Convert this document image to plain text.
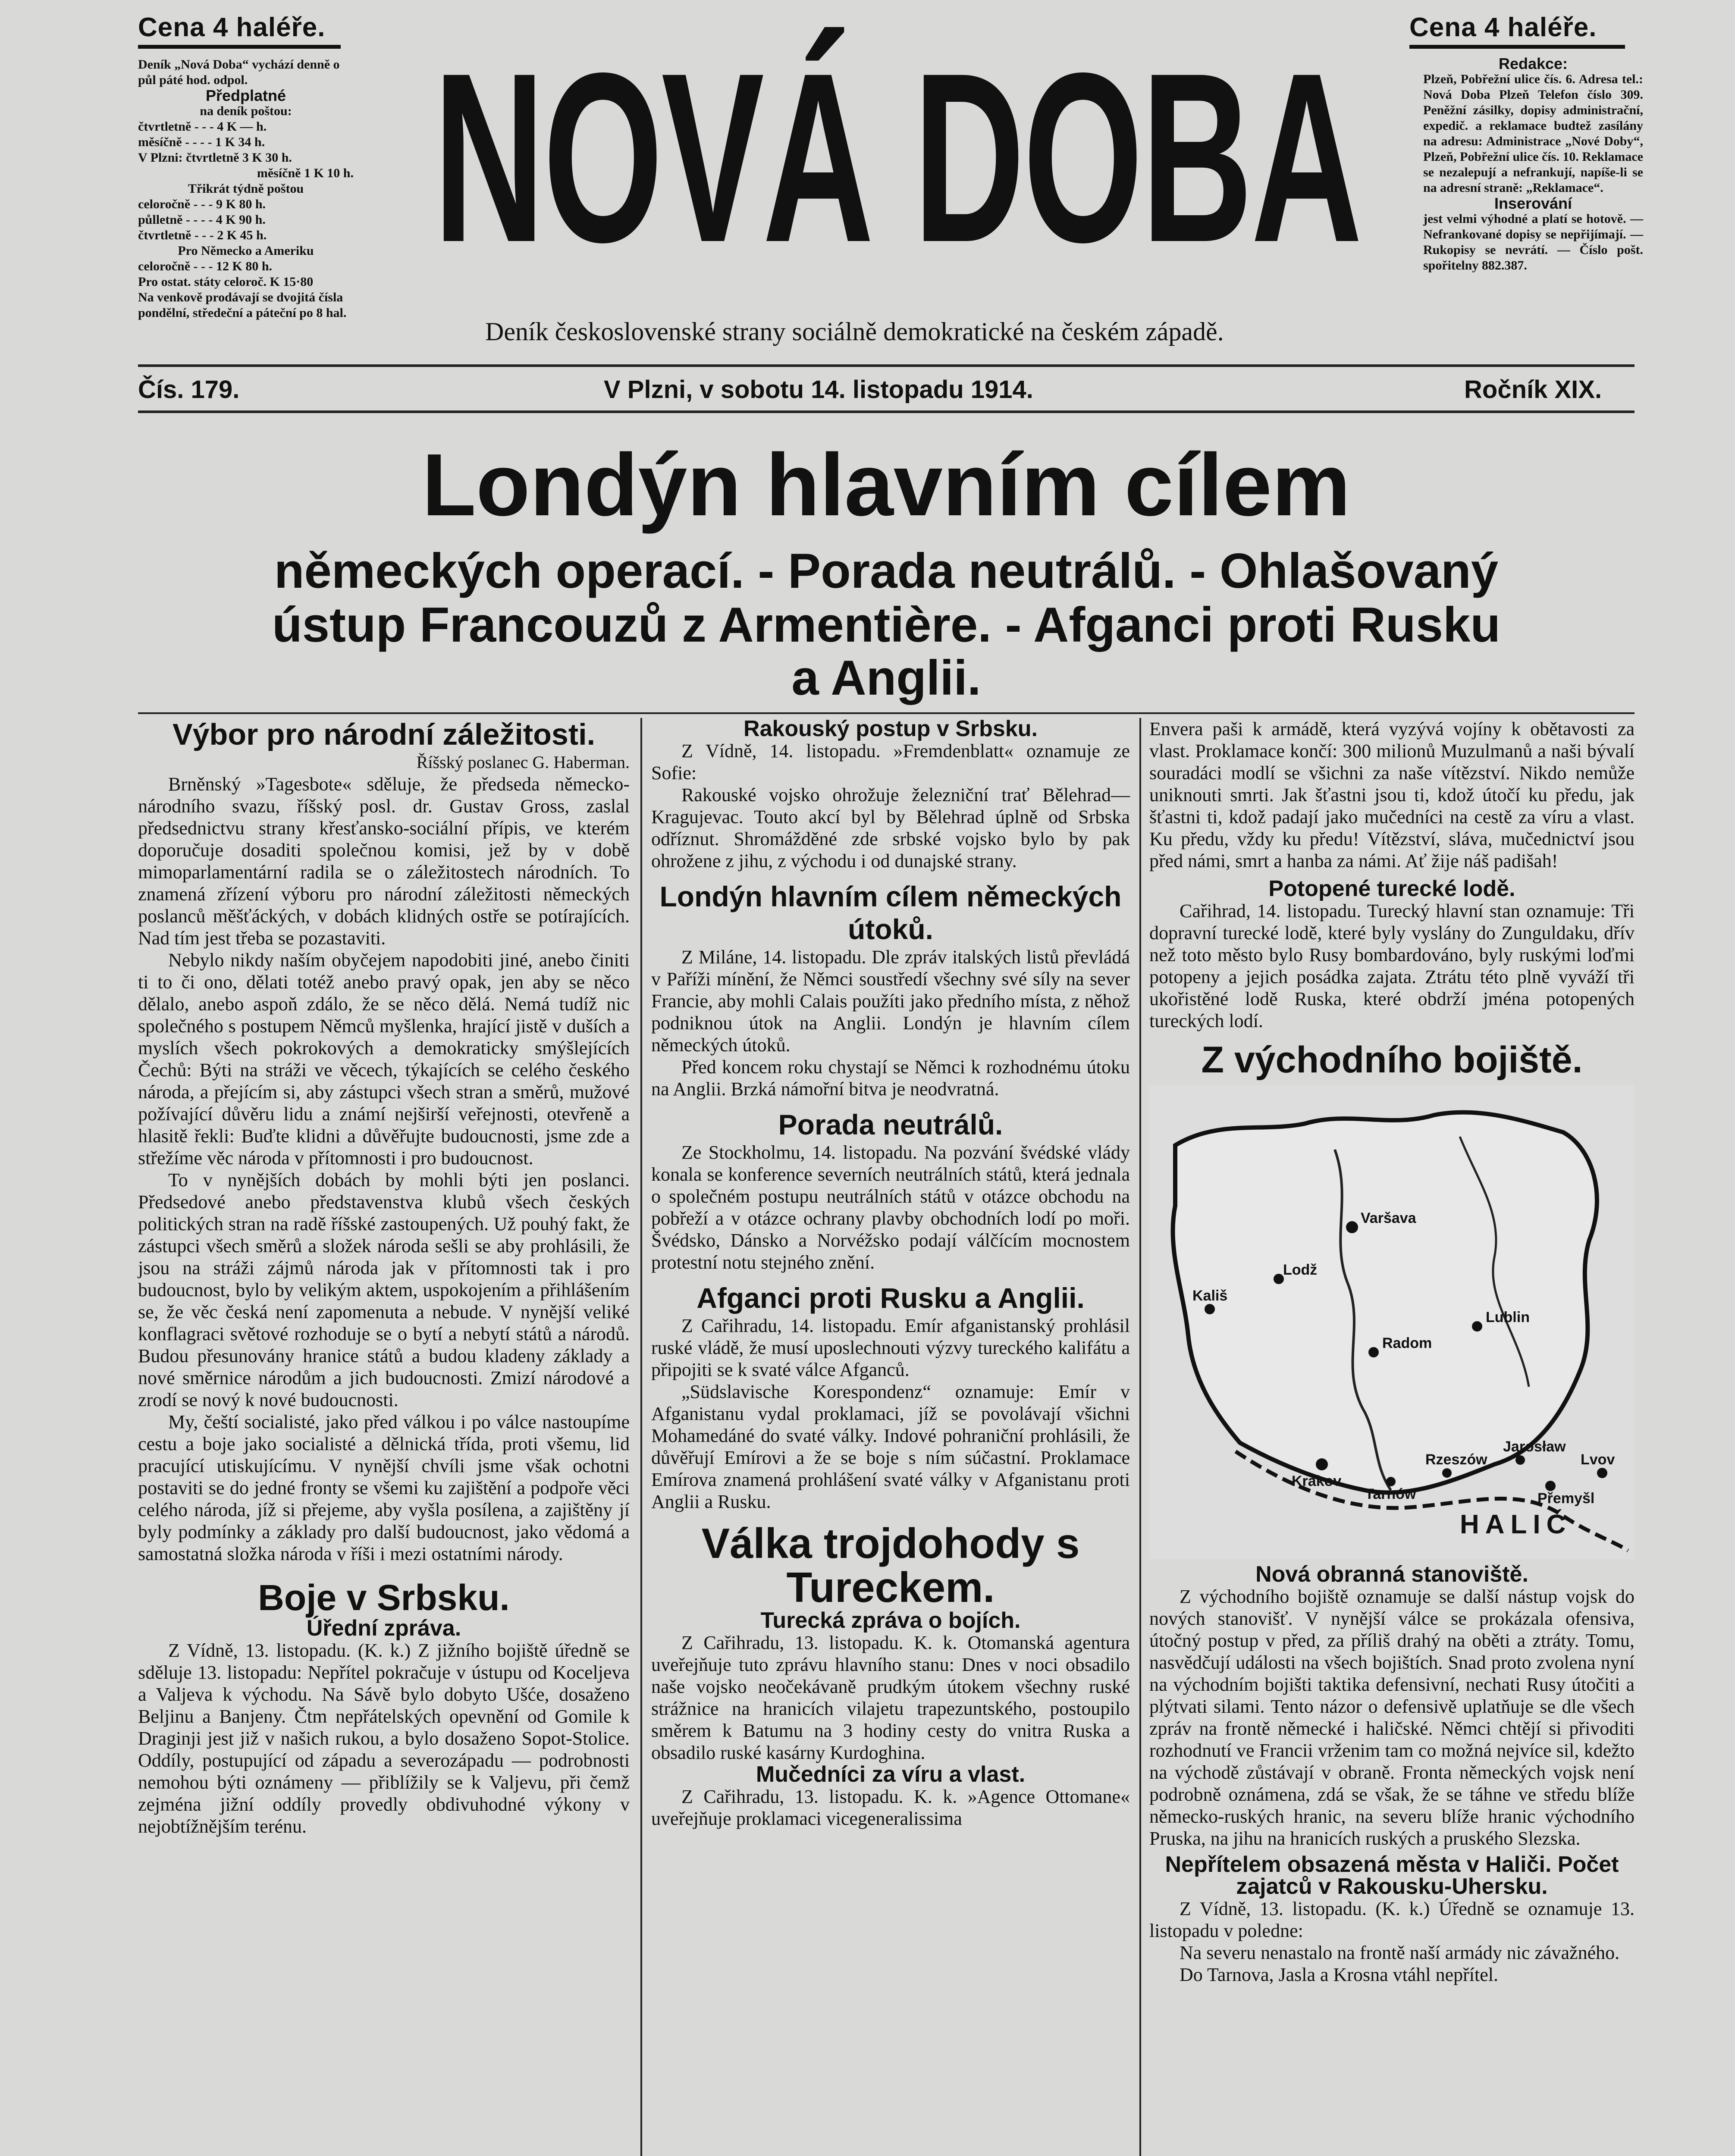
Cena 4 haléře.	Cena 4 haléře.
Deník „Nová Doba“ vychází denně o půl páté hod. odpol.
Předplatné
na deník poštou:
čtvrtletně - - - 4 K — h.
měsíčně - - - - 1 K 34 h.
V Plzni: čtvrtletně 3 K 30 h.
měsíčně 1 K 10 h.
Třikrát týdně poštou
celoročně - - - 9 K 80 h.
půlletně - - - - 4 K 90 h.
čtvrtletně - - - 2 K 45 h.
Pro Německo a Ameriku
celoročně - - - 12 K 80 h.
Pro ostat. státy celoroč. K 15·80
Na venkově prodávají se dvojitá čísla pondělní, středeční a páteční po 8 hal.
NOVÁ DOBA
Deník československé strany sociálně demokratické na českém západě.
Redakce:
Plzeň, Pobřežní ulice čís. 6. Adresa tel.: Nová Doba Plzeň Telefon číslo 309. Peněžní zásilky, dopisy administrační, expedič. a reklamace budtež zasílány na adresu: Administrace „Nové Doby“, Plzeň, Pobřežní ulice čís. 10. Reklamace se nezalepují a nefrankují, napíše-li se na adresní straně: „Reklamace“.
Inserování
jest velmi výhodné a platí se hotově. — Nefrankované dopisy se nepřijímají. — Rukopisy se nevrátí. — Číslo pošt. spořitelny 882.387.
Čís. 179.	V Plzni, v sobotu 14. listopadu 1914.	Ročník XIX.
Londýn hlavním cílem
německých operací. - Porada neutrálů. - Ohlašovaný
ústup Francouzů z Armentière. - Afganci proti Rusku
a Anglii.
Výbor pro národní záležitosti.
Říšský poslanec G. Haberman.

Brněnský »Tagesbote« sděluje, že předseda německo-národního svazu, říšský posl. dr. Gustav Gross, zaslal předsednictvu strany křesťansko-sociální přípis, ve kterém doporučuje dosaditi společnou komisi, jež by v době mimoparlamentární radila se o záležitostech národních. To znamená zřízení výboru pro národní záležitosti německých poslanců měšťáckých, v dobách klidných ostře se potírajících. Nad tím jest třeba se pozastaviti.

Nebylo nikdy naším obyčejem napodobiti jiné, anebo činiti ti to či ono, dělati totéž anebo pravý opak, jen aby se něco dělalo, anebo aspoň zdálo, že se něco dělá. Nemá tudíž nic společného s postupem Němců myšlenka, hrající jistě v duších a myslích všech pokrokových a demokraticky smýšlejících Čechů: Býti na stráži ve věcech, týkajících se celého českého národa, a přejícím si, aby zástupci všech stran a směrů, mužové požívající důvěru lidu a známí nejširší veřejnosti, otevřeně a hlasitě řekli: Buďte klidni a důvěřujte budoucnosti, jsme zde a střežíme věc národa v přítomnosti i pro budoucnost.

To v nynějších dobách by mohli býti jen poslanci. Předsedové anebo představenstva klubů všech českých politických stran na radě říšské zastoupených. Už pouhý fakt, že zástupci všech směrů a složek národa sešli se aby prohlásili, že jsou na stráži zájmů národa jak v přítomnosti tak i pro budoucnost, bylo by velikým aktem, uspokojením a přihlášením se, že věc česká není zapomenuta a nebude. V nynější veliké konflagraci světové rozhoduje se o bytí a nebytí států a národů. Budou přesunovány hranice států a budou kladeny základy a nové směrnice národům a jich budoucnosti. Zmizí národové a zrodí se nový k nové budoucnosti.

My, čeští socialisté, jako před válkou i po válce nastoupíme cestu a boje jako socialisté a dělnická třída, proti všemu, lid pracující utiskujícímu. V nynější chvíli jsme však ochotni postaviti se do jedné fronty se všemi ku zajištění a podpoře věci celého národa, jíž si přejeme, aby vyšla posílena, a zajištěny jí byly podmínky a základy pro další budoucnost, jako vědomá a samostatná složka národa v říši i mezi ostatními národy.

Boje v Srbsku.
Úřední zpráva.

Z Vídně, 13. listopadu. (K. k.) Z jižního bojiště úředně se sděluje 13. listopadu: Nepřítel pokračuje v ústupu od Koceljeva a Valjeva k východu. Na Sávě bylo dobyto Ušće, dosaženo Beljinu a Banjeny. Čtm nepřátelských opevnění od Gomile k Draginji jest již v našich rukou, a bylo dosaženo Sopot-Stolice. Oddíly, postupující od západu a severozápadu — podrobnosti nemohou býti oznámeny — přiblížily se k Valjevu, při čemž zejména jižní oddíly provedly obdivuhodné výkony v nejobtížnějším terénu.

Rakouský postup v Srbsku.

Z Vídně, 14. listopadu. »Fremdenblatt« oznamuje ze Sofie:

Rakouské vojsko ohrožuje železniční trať Bělehrad—Kragujevac. Touto akcí byl by Bělehrad úplně od Srbska odříznut. Shromážděné zde srbské vojsko bylo by pak ohrožene z jihu, z východu i od dunajské strany.

Londýn hlavním cílem německých útoků.

Z Miláne, 14. listopadu. Dle zpráv italských listů převládá v Paříži mínění, že Němci soustředí všechny své síly na sever Francie, aby mohli Calais použíti jako předního místa, z něhož podniknou útok na Anglii. Londýn je hlavním cílem německých útoků.

Před koncem roku chystají se Němci k rozhodnému útoku na Anglii. Brzká námořní bitva je neodvratná.

Porada neutrálů.

Ze Stockholmu, 14. listopadu. Na pozvání švédské vlády konala se konference severních neutrálních států, která jednala o společném postupu neutrálních států v otázce obchodu na pobřeží a v otázce ochrany plavby obchodních lodí po moři. Švédsko, Dánsko a Norvéžsko podají válčícím mocnostem protestní notu stejného znění.

Afganci proti Rusku a Anglii.

Z Cařihradu, 14. listopadu. Emír afganistanský prohlásil ruské vládě, že musí uposlechnouti výzvy tureckého kalifátu a připojiti se k svaté válce Afganců.

„Südslavische Korespondenz“ oznamuje: Emír v Afganistanu vydal proklamaci, jíž se povolávají všichni Mohamedáné do svaté války. Indové pohraniční prohlásili, že důvěřují Emírovi a že se boje s ním súčastní. Proklamace Emírova znamená prohlášení svaté války v Afganistanu proti Anglii a Rusku.

Válka trojdohody s Tureckem.
Turecká zpráva o bojích.

Z Cařihradu, 13. listopadu. K. k. Otomanská agentura uveřejňuje tuto zprávu hlavního stanu: Dnes v noci obsadilo naše vojsko neočekávaně prudkým útokem všechny ruské strážnice na hranicích vilajetu trapezuntského, postoupilo směrem k Batumu na 3 hodiny cesty do vnitra Ruska a obsadilo ruské kasárny Kurdoghina.

Mučedníci za víru a vlast.

Z Cařihradu, 13. listopadu. K. k. »Agence Ottomane« uveřejňuje proklamaci vicegeneralissima

Envera paši k armádě, která vyzývá vojíny k obětavosti za vlast. Proklamace končí: 300 milionů Muzulmanů a naši bývalí souradáci modlí se všichni za naše vítězství. Nikdo nemůže uniknouti smrti. Jak šťastni jsou ti, kdož útočí ku předu, jak šťastni ti, kdož padají jako mučedníci na cestě za víru a vlast. Ku předu, vždy ku předu! Vítězství, sláva, mučednictví jsou před námi, smrt a hanba za námi. Ať žije náš padišah!

Potopené turecké lodě.

Cařihrad, 14. listopadu. Turecký hlavní stan oznamuje: Tři dopravní turecké lodě, které byly vyslány do Zunguldaku, dřív než toto město bylo Rusy bombardováno, byly ruskými loďmi potopeny a jejich posádka zajata. Ztrátu této plně vyváží tři ukořistěné lodě Ruska, které obdrží jména potopených tureckých lodí.

Z východního bojiště.
Varšava
Lodž
Kališ
Krakov
Radom
Lublin
Rzeszów
Jarosław
Přemyšl
Lvov
Tarnów
HALIČ
Nová obranná stanoviště.

Z východního bojiště oznamuje se další nástup vojsk do nových stanovišť. V nynější válce se prokázala ofensiva, útočný postup v před, za příliš drahý na oběti a ztráty. Tomu, nasvědčují události na všech bojištích. Snad proto zvolena nyní na východním bojišti taktika defensivní, nechati Rusy útočiti a plýtvati silami. Tento názor o defensivě uplatňuje se dle všech zpráv na frontě německé i haličské. Němci chtějí si přivoditi rozhodnutí ve Francii vrženim tam co možná nejvíce sil, kdežto na východě zůstávají v obraně. Fronta německých vojsk není podrobně oznámena, zdá se však, že se táhne ve středu blíže německo-ruských hranic, na severu blíže hranic východního Pruska, na jihu na hranicích ruských a pruského Slezska.

Nepřítelem obsazená města v Haliči. Počet zajatců v Rakousku-Uhersku.

Z Vídně, 13. listopadu. (K. k.) Úředně se oznamuje 13. listopadu v poledne:

Na severu nenastalo na frontě naší armády nic závažného.

Do Tarnova, Jasla a Krosna vtáhl nepřítel.
